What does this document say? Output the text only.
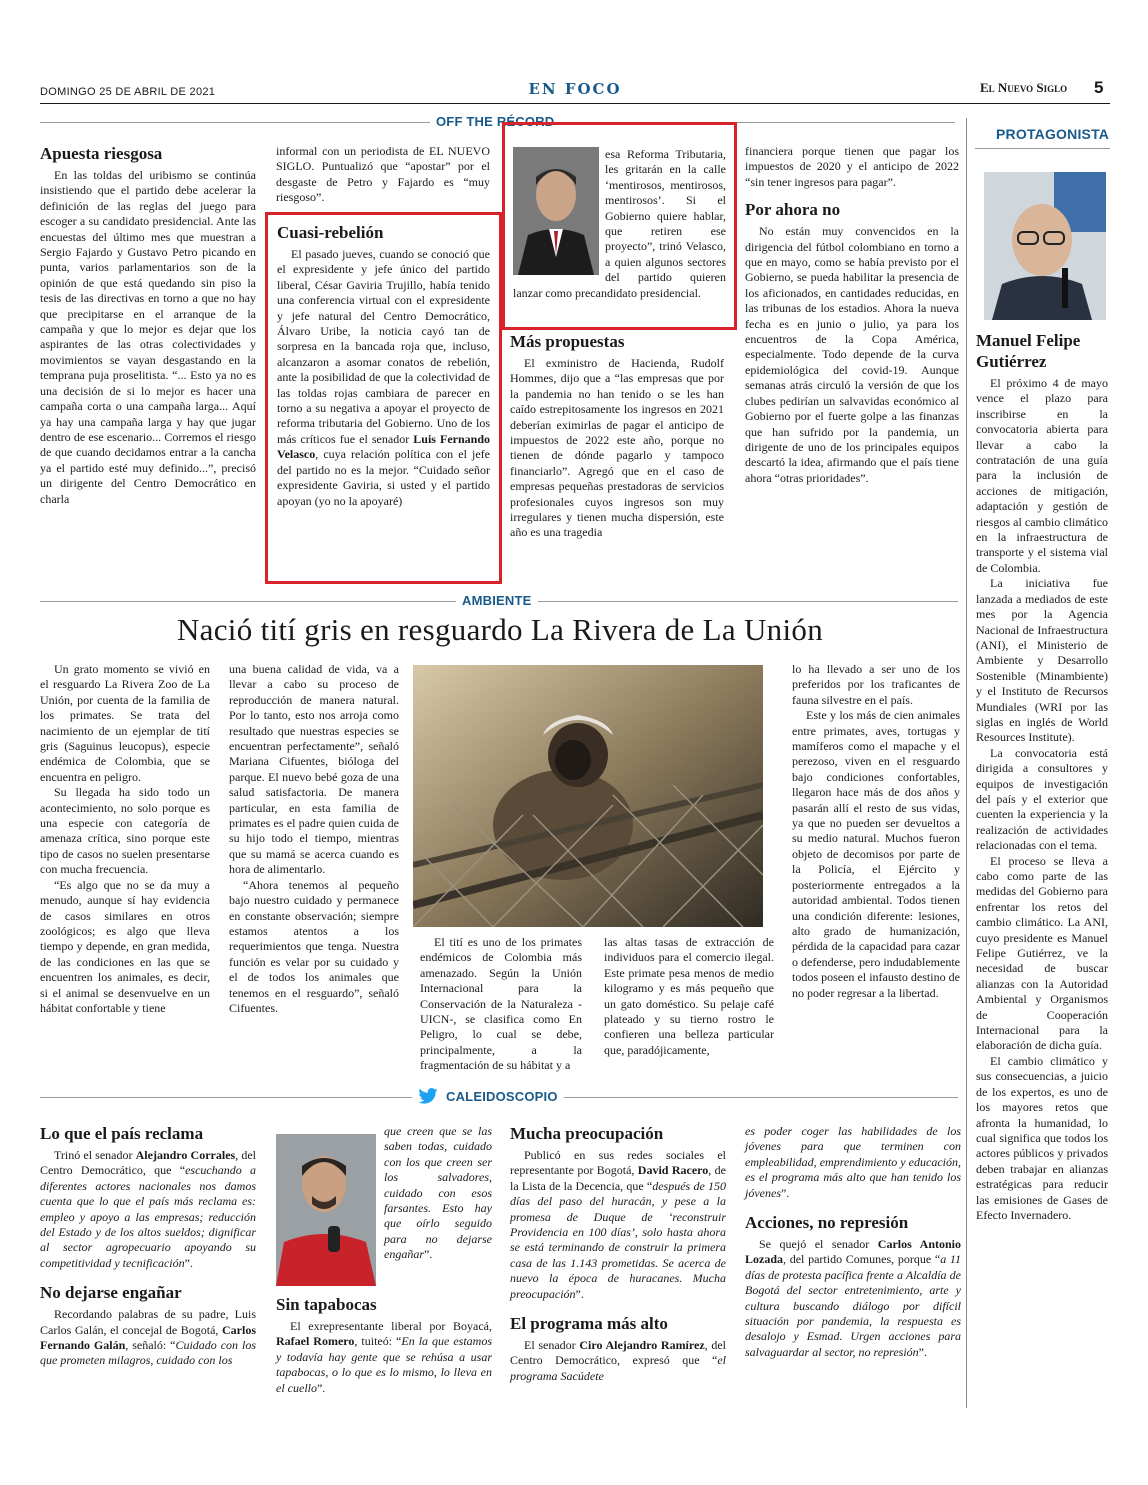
DOMINGO 25 DE ABRIL DE 2021	EN FOCO	El Nuevo Siglo 5
OFF THE RÉCORD
Apuesta riesgosa

En las toldas del uribismo se continúa insistiendo que el partido debe acelerar la definición de las reglas del juego para escoger a su candidato presidencial. Ante las encuestas del último mes que muestran a Sergio Fajardo y Gustavo Petro picando en punta, varios parlamentarios son de la opinión de que está quedando sin piso la tesis de las directivas en torno a que no hay que precipitarse en el arranque de la campaña y que lo mejor es dejar que los aspirantes de las otras colectividades y movimientos se vayan desgastando en la temprana puja proselitista. “... Esto ya no es una decisión de si lo mejor es hacer una campaña corta o una campaña larga... Aquí ya hay una campaña larga y hay que jugar dentro de ese escenario... Corremos el riesgo de que cuando decidamos entrar a la cancha ya el partido esté muy definido...”, precisó un dirigente del Centro Democrático en charla

informal con un periodista de EL NUEVO SIGLO. Puntualizó que “apostar” por el desgaste de Petro y Fajardo es “muy riesgoso”.

Cuasi-rebelión

El pasado jueves, cuando se conoció que el expresidente y jefe único del partido liberal, César Gaviria Trujillo, había tenido una conferencia virtual con el expresidente y jefe natural del Centro Democrático, Álvaro Uribe, la noticia cayó tan de sorpresa en la bancada roja que, incluso, alcanzaron a asomar conatos de rebelión, ante la posibilidad de que la colectividad de las toldas rojas cambiara de parecer en torno a su negativa a apoyar el proyecto de reforma tributaria del Gobierno. Uno de los más críticos fue el senador Luis Fernando Velasco, cuya relación política con el jefe del partido no es la mejor. “Cuidado señor expresidente Gaviria, si usted y el partido apoyan (yo no la apoyaré)

esa Reforma Tributaria, les gritarán en la calle ‘mentirosos, mentirosos, mentirosos’. Si el Gobierno quiere hablar, que retiren ese proyecto”, trinó Velasco, a quien algunos sectores del partido quieren lanzar como precandidato presidencial.

Más propuestas

El exministro de Hacienda, Rudolf Hommes, dijo que a “las empresas que por la pandemia no han tenido o se les han caído estrepitosamente los ingresos en 2021 deberían eximirlas de pagar el anticipo de impuestos de 2022 este año, porque no tienen de dónde pagarlo y tampoco financiarlo”. Agregó que en el caso de empresas pequeñas prestadoras de servicios profesionales cuyos ingresos son muy irregulares y tienen mucha dispersión, este año es una tragedia

financiera porque tienen que pagar los impuestos de 2020 y el anticipo de 2022 “sin tener ingresos para pagar”.

Por ahora no

No están muy convencidos en la dirigencia del fútbol colombiano en torno a que en mayo, como se había previsto por el Gobierno, se pueda habilitar la presencia de los aficionados, en cantidades reducidas, en las tribunas de los estadios. Ahora la nueva fecha es en junio o julio, ya para los encuentros de la Copa América, especialmente. Todo depende de la curva epidemiológica del covid-19. Aunque semanas atrás circuló la versión de que los clubes pedirían un salvavidas económico al Gobierno por el fuerte golpe a las finanzas que han sufrido por la pandemia, un dirigente de uno de los principales equipos descartó la idea, afirmando que el país tiene ahora “otras prioridades”.

PROTAGONISTA
Manuel Felipe Gutiérrez

El próximo 4 de mayo vence el plazo para inscribirse en la convocatoria abierta para llevar a cabo la contratación de una guía para la inclusión de acciones de mitigación, adaptación y gestión de riesgos al cambio climático en la infraestructura de transporte y el sistema vial de Colombia.

La iniciativa fue lanzada a mediados de este mes por la Agencia Nacional de Infraestructura (ANI), el Ministerio de Ambiente y Desarrollo Sostenible (Minambiente) y el Instituto de Recursos Mundiales (WRI por las siglas en inglés de World Resources Institute).

La convocatoria está dirigida a consultores y equipos de investigación del país y el exterior que cuenten la experiencia y la realización de actividades relacionadas con el tema.

El proceso se lleva a cabo como parte de las medidas del Gobierno para enfrentar los retos del cambio climático. La ANI, cuyo presidente es Manuel Felipe Gutiérrez, ve la necesidad de buscar alianzas con la Autoridad Ambiental y Organismos de Cooperación Internacional para la elaboración de dicha guía.

El cambio climático y sus consecuencias, a juicio de los expertos, es uno de los mayores retos que afronta la humanidad, lo cual significa que todos los actores públicos y privados deben trabajar en alianzas estratégicas para reducir las emisiones de Gases de Efecto Invernadero.

AMBIENTE
Nació tití gris en resguardo La Rivera de La Unión

Un grato momento se vivió en el resguardo La Rivera Zoo de La Unión, por cuenta de la familia de los primates. Se trata del nacimiento de un ejemplar de tití gris (Saguinus leucopus), especie endémica de Colombia, que se encuentra en peligro.

Su llegada ha sido todo un acontecimiento, no solo porque es una especie con categoría de amenaza crítica, sino porque este tipo de casos no suelen presentarse con mucha frecuencia.

“Es algo que no se da muy a menudo, aunque sí hay evidencia de casos similares en otros zoológicos; es algo que lleva tiempo y depende, en gran medida, de las condiciones en las que se encuentren los animales, es decir, si el animal se desenvuelve en un hábitat confortable y tiene

una buena calidad de vida, va a llevar a cabo su proceso de reproducción de manera natural. Por lo tanto, esto nos arroja como resultado que nuestras especies se encuentran perfectamente”, señaló Mariana Cifuentes, bióloga del parque. El nuevo bebé goza de una salud satisfactoria. De manera particular, en esta familia de primates es el padre quien cuida de su hijo todo el tiempo, mientras que su mamá se acerca cuando es hora de alimentarlo.

“Ahora tenemos al pequeño bajo nuestro cuidado y permanece en constante observación; siempre estamos atentos a los requerimientos que tenga. Nuestra función es velar por su cuidado y el de todos los animales que tenemos en el resguardo”, señaló Cifuentes.

El tití es uno de los primates endémicos de Colombia más amenazado. Según la Unión Internacional para la Conservación de la Naturaleza -UICN-, se clasifica como En Peligro, lo cual se debe, principalmente, a la fragmentación de su hábitat y a

las altas tasas de extracción de individuos para el comercio ilegal. Este primate pesa menos de medio kilogramo y es más pequeño que un gato doméstico. Su pelaje café plateado y su tierno rostro le confieren una belleza particular que, paradójicamente,

lo ha llevado a ser uno de los preferidos por los traficantes de fauna silvestre en el país.

Este y los más de cien animales entre primates, aves, tortugas y mamíferos como el mapache y el perezoso, viven en el resguardo bajo condiciones confortables, llegaron hace más de dos años y pasarán allí el resto de sus vidas, ya que no pueden ser devueltos a su medio natural. Muchos fueron objeto de decomisos por parte de la Policía, el Ejército y posteriormente entregados a la autoridad ambiental. Todos tienen una condición diferente: lesiones, alto grado de humanización, pérdida de la capacidad para cazar o defenderse, pero indudablemente todos poseen el infausto destino de no poder regresar a la libertad.

CALEIDOSCOPIO
Lo que el país reclama

Trinó el senador Alejandro Corrales, del Centro Democrático, que “escuchando a diferentes actores nacionales nos damos cuenta que lo que el país más reclama es: empleo y apoyo a las empresas; reducción del Estado y de los altos sueldos; dignificar al sector agropecuario apoyando su competitividad y tecnificación”.

No dejarse engañar

Recordando palabras de su padre, Luis Carlos Galán, el concejal de Bogotá, Carlos Fernando Galán, señaló: “Cuidado con los que prometen milagros, cuidado con los

que creen que se las saben todas, cuidado con los que creen ser los salvadores, cuidado con esos farsantes. Esto hay que oírlo seguido para no dejarse engañar”.

Sin tapabocas

El exrepresentante liberal por Boyacá, Rafael Romero, tuiteó: “En la que estamos y todavía hay gente que se rehúsa a usar tapabocas, o lo que es lo mismo, lo lleva en el cuello”.

Mucha preocupación

Publicó en sus redes sociales el representante por Bogotá, David Racero, de la Lista de la Decencia, que “después de 150 días del paso del huracán, y pese a la promesa de Duque de ‘reconstruir Providencia en 100 días’, solo hasta ahora se está terminando de construir la primera casa de las 1.143 prometidas. Se acerca de nuevo la época de huracanes. Mucha preocupación”.

El programa más alto

El senador Ciro Alejandro Ramírez, del Centro Democrático, expresó que “el programa Sacúdete

es poder coger las habilidades de los jóvenes para que terminen con empleabilidad, emprendimiento y educación, es el programa más alto que han tenido los jóvenes”.

Acciones, no represión

Se quejó el senador Carlos Antonio Lozada, del partido Comunes, porque “a 11 días de protesta pacífica frente a Alcaldía de Bogotá del sector entretenimiento, arte y cultura buscando diálogo por difícil situación por pandemia, la respuesta es desalojo y Esmad. Urgen acciones para salvaguardar al sector, no represión”.
